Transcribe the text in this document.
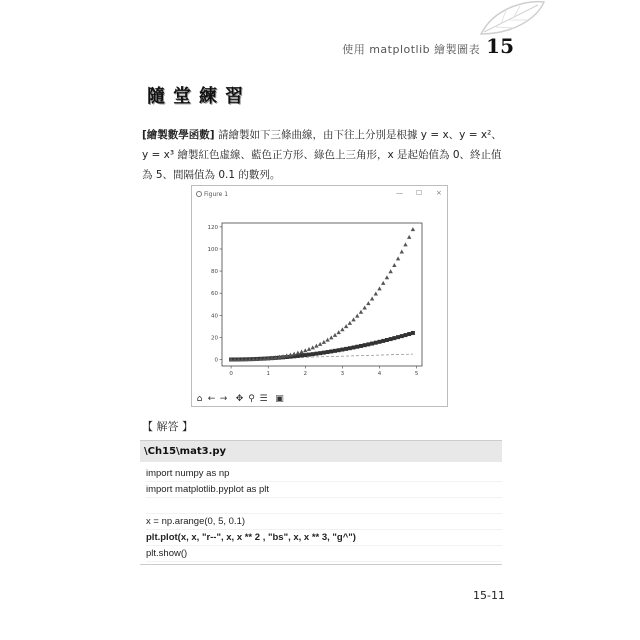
使用 matplotlib 繪製圖表 15
隨 堂 練 習
[繪製數學函數] 請繪製如下三條曲線，由下往上分別是根據 y = x、y = x²、y = x³ 繪製紅色虛線、藍色正方形、綠色上三角形，x 是起始值為 0、終止值為 5、間隔值為 0.1 的數列。
Figure 1	— ☐ ×
0	1	2	3	4	5
0
20
40
60
80
100
120
⌂ ← → ✥ ⚲ ☰ ▣
【 解答 】
\Ch15\mat3.py
import numpy as np
import matplotlib.pyplot as plt
x = np.arange(0, 5, 0.1)
plt.plot(x, x, "r--", x, x ** 2 , "bs", x, x ** 3, "g^")
plt.show()
15-11
